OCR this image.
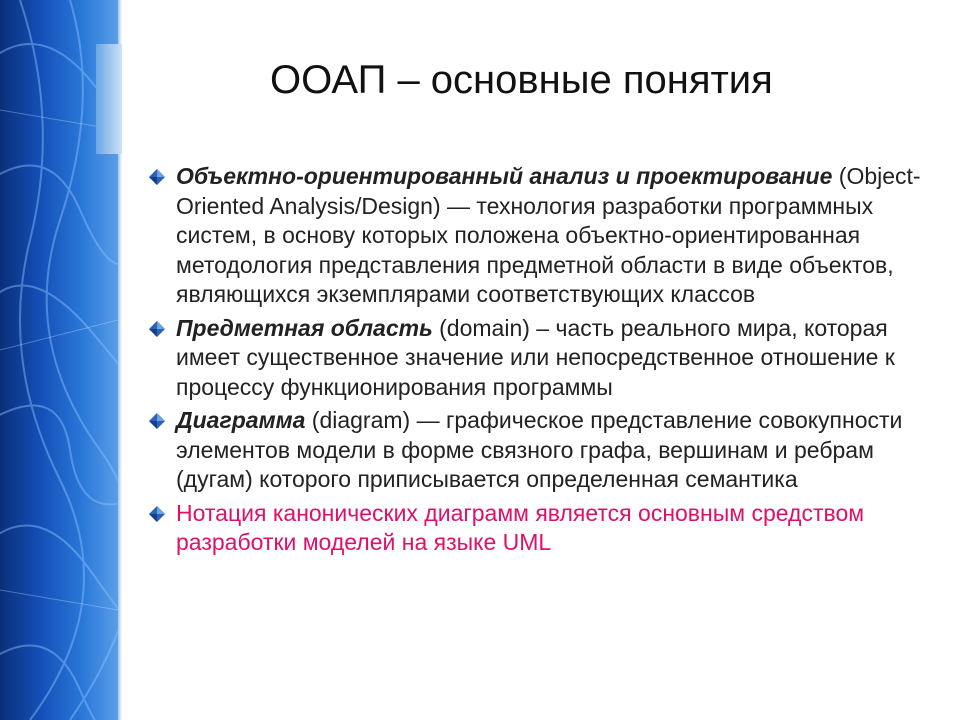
ООАП – основные понятия
Объектно-ориентированный анализ и проектирование (Object-Oriented Analysis/Design) — технология разработки программных систем, в основу которых положена объектно-ориентированная методология представления предметной области в виде объектов, являющихся экземплярами соответствующих классов
Предметная область (domain) – часть реального мира, которая имеет существенное значение или непосредственное отношение к процессу функционирования программы
Диаграмма (diagram) — графическое представление совокупности элементов модели в форме связного графа, вершинам и ребрам (дугам) которого приписывается определенная семантика
Нотация канонических диаграмм является основным средством разработки моделей на языке UML
